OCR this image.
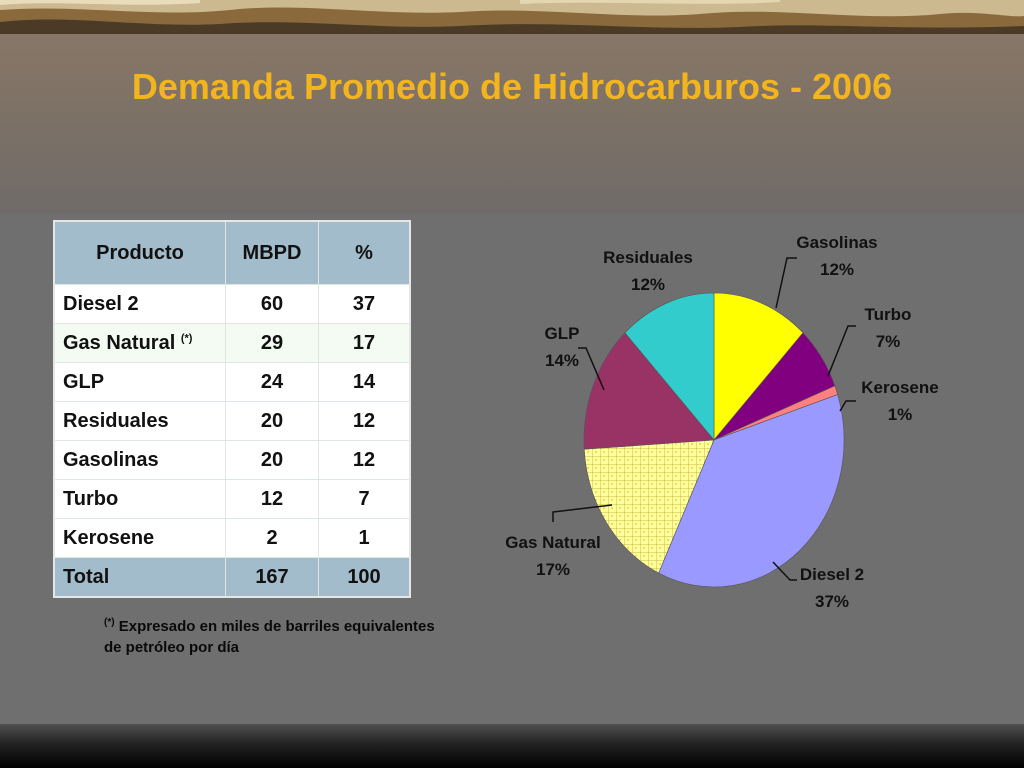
Demanda Promedio de Hidrocarburos - 2006
Producto	MBPD	%
Diesel 2	60	37
Gas Natural (*)	29	17
GLP	24	14
Residuales	20	12
Gasolinas	20	12
Turbo	12	7
Kerosene	2	1
Total	167	100
(*) Expresado en miles de barriles equivalentes
de petróleo por día
Gasolinas
12%
Turbo
7%
Kerosene
1%
Diesel 2
37%
Gas Natural
17%
GLP
14%
Residuales
12%
